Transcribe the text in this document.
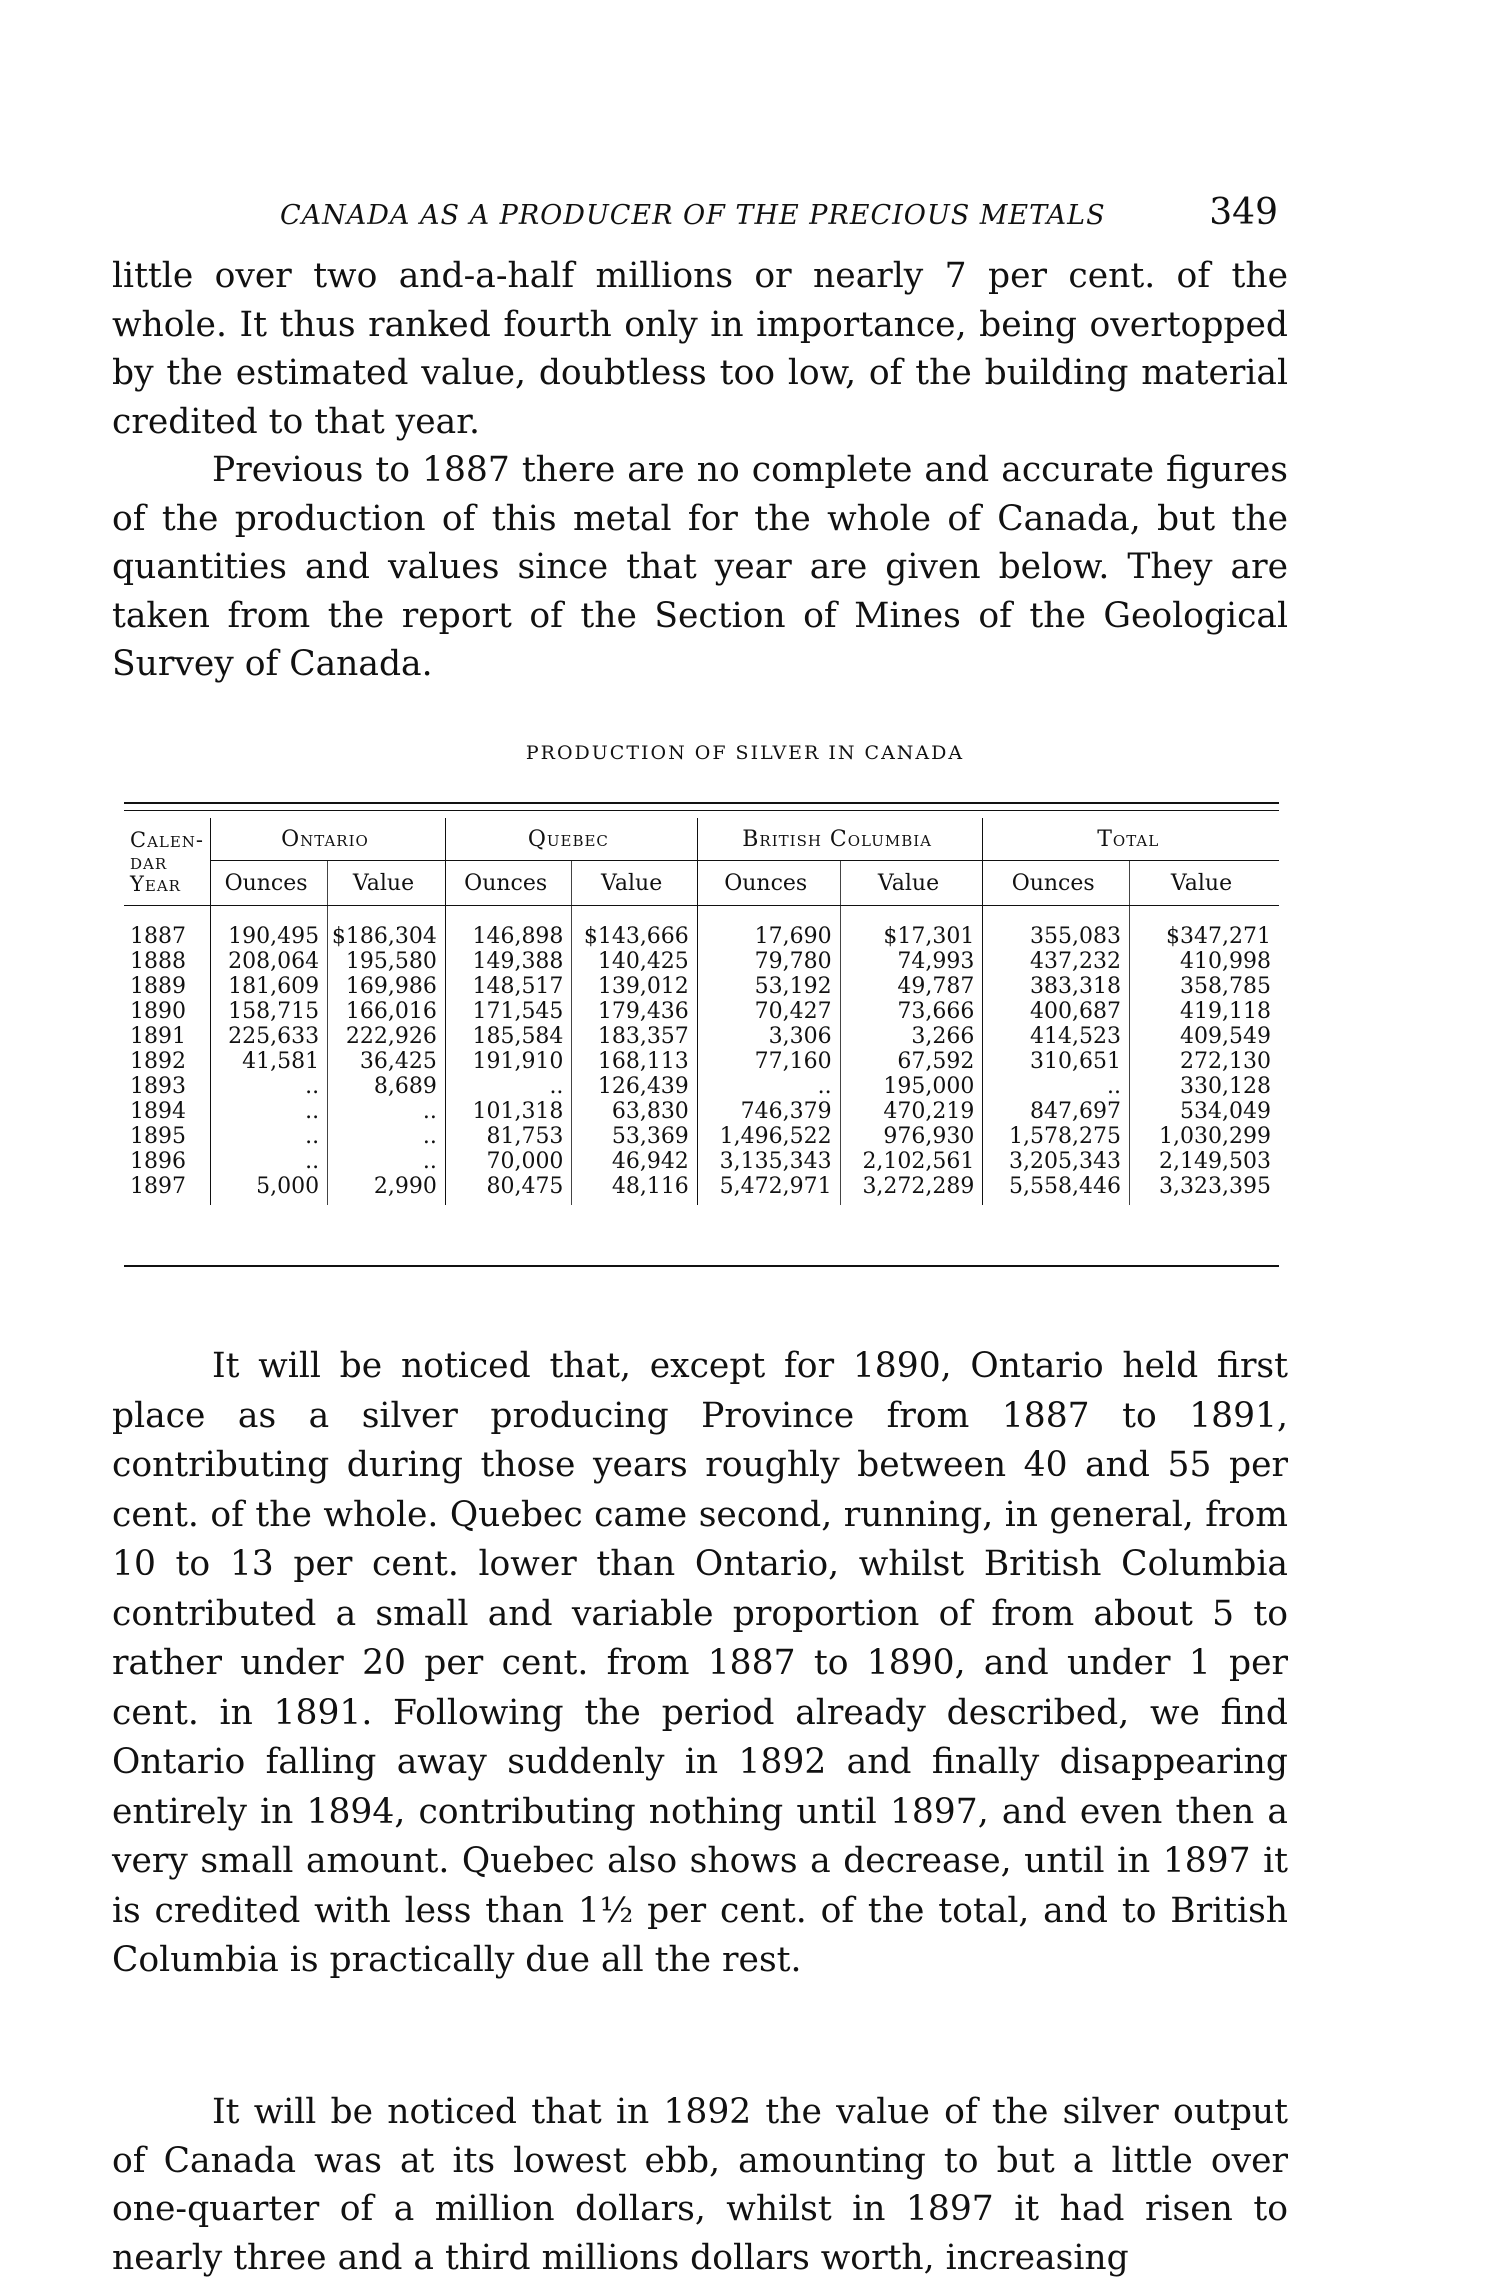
CANADA AS A PRODUCER OF THE PRECIOUS METALS	349

little over two and-a-half millions or nearly 7 per cent. of the whole. It thus ranked fourth only in importance, being overtopped by the estimated value, doubtless too low, of the building material credited to that year.

Previous to 1887 there are no complete and accurate figures of the production of this metal for the whole of Canada, but the quantities and values since that year are given below. They are taken from the report of the Section of Mines of the Geological Survey of Canada.

PRODUCTION OF SILVER IN CANADA
Calen-dar Year	Ontario		Quebec		British Columbia		Total	
	Ounces	Value	Ounces	Value	Ounces	Value	Ounces	Value

1887	190,495	$186,304	146,898	$143,666	17,690	$17,301	355,083	$347,271
1888	208,064	195,580	149,388	140,425	79,780	74,993	437,232	410,998
1889	181,609	169,986	148,517	139,012	53,192	49,787	383,318	358,785
1890	158,715	166,016	171,545	179,436	70,427	73,666	400,687	419,118
1891	225,633	222,926	185,584	183,357	3,306	3,266	414,523	409,549
1892	41,581	36,425	191,910	168,113	77,160	67,592	310,651	272,130
1893	..	8,689	..	126,439	..	195,000	..	330,128
1894	..	..	101,318	63,830	746,379	470,219	847,697	534,049
1895	..	..	81,753	53,369	1,496,522	976,930	1,578,275	1,030,299
1896	..	..	70,000	46,942	3,135,343	2,102,561	3,205,343	2,149,503
1897	5,000	2,990	80,475	48,116	5,472,971	3,272,289	5,558,446	3,323,395

It will be noticed that, except for 1890, Ontario held first place as a silver producing Province from 1887 to 1891, contributing during those years roughly between 40 and 55 per cent. of the whole. Quebec came second, running, in general, from 10 to 13 per cent. lower than Ontario, whilst British Columbia contributed a small and variable proportion of from about 5 to rather under 20 per cent. from 1887 to 1890, and under 1 per cent. in 1891. Following the period already described, we find Ontario falling away suddenly in 1892 and finally disappearing entirely in 1894, contributing nothing until 1897, and even then a very small amount. Quebec also shows a decrease, until in 1897 it is credited with less than 1½ per cent. of the total, and to British Columbia is practically due all the rest.

It will be noticed that in 1892 the value of the silver output of Canada was at its lowest ebb, amounting to but a little over one-quarter of a million dollars, whilst in 1897 it had risen to nearly three and a third millions dollars worth, increasing
